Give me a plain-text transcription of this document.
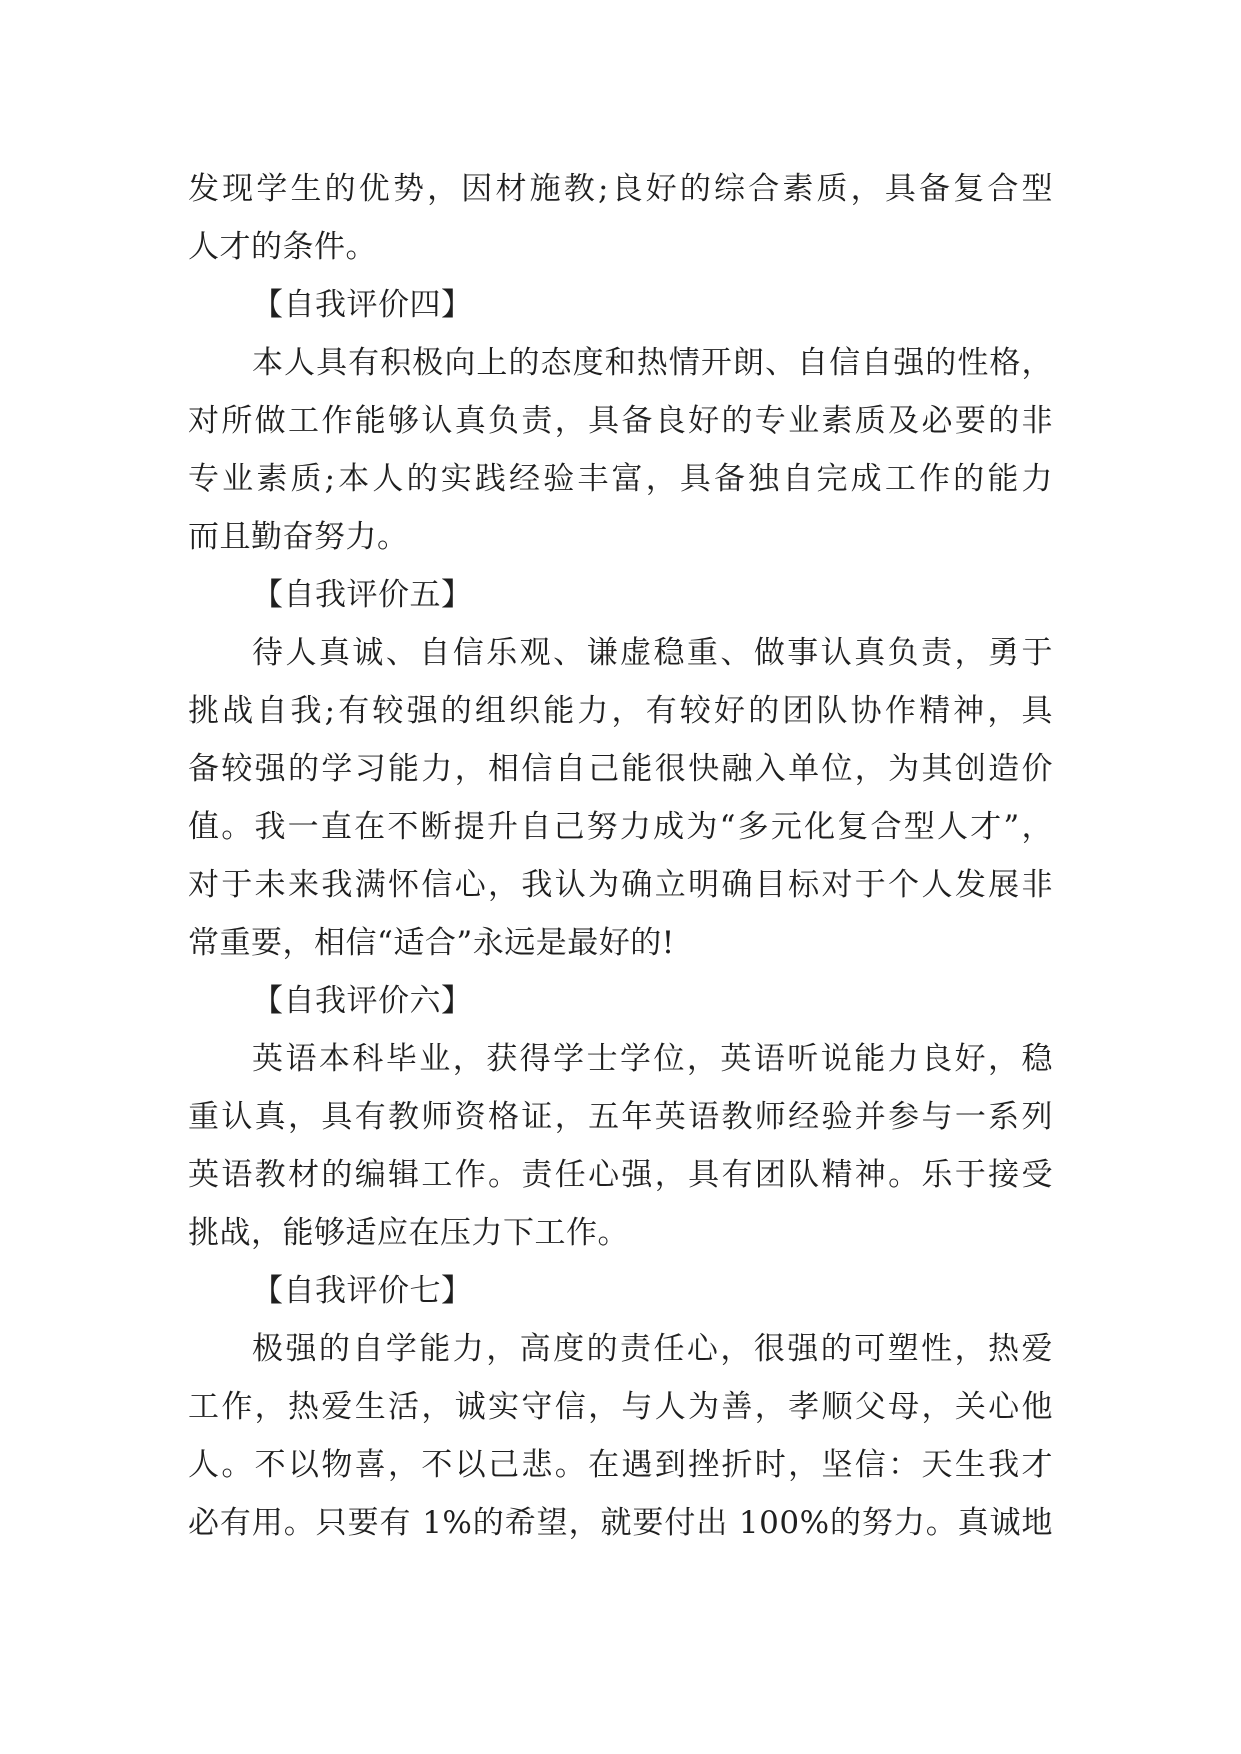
发现学生的优势，因材施教;良好的综合素质，具备复合型
人才的条件。
【自我评价四】
本人具有积极向上的态度和热情开朗、自信自强的性格，
对所做工作能够认真负责，具备良好的专业素质及必要的非
专业素质;本人的实践经验丰富，具备独自完成工作的能力
而且勤奋努力。
【自我评价五】
待人真诚、自信乐观、谦虚稳重、做事认真负责，勇于
挑战自我;有较强的组织能力，有较好的团队协作精神，具
备较强的学习能力，相信自己能很快融入单位，为其创造价
值。我一直在不断提升自己努力成为“多元化复合型人才”，
对于未来我满怀信心，我认为确立明确目标对于个人发展非
常重要，相信“适合”永远是最好的!
【自我评价六】
英语本科毕业，获得学士学位，英语听说能力良好，稳
重认真，具有教师资格证，五年英语教师经验并参与一系列
英语教材的编辑工作。责任心强，具有团队精神。乐于接受
挑战，能够适应在压力下工作。
【自我评价七】
极强的自学能力，高度的责任心，很强的可塑性，热爱
工作，热爱生活，诚实守信，与人为善，孝顺父母，关心他
人。不以物喜，不以己悲。在遇到挫折时，坚信：天生我才
必有用。只要有 1%的希望，就要付出 100%的努力。真诚地
